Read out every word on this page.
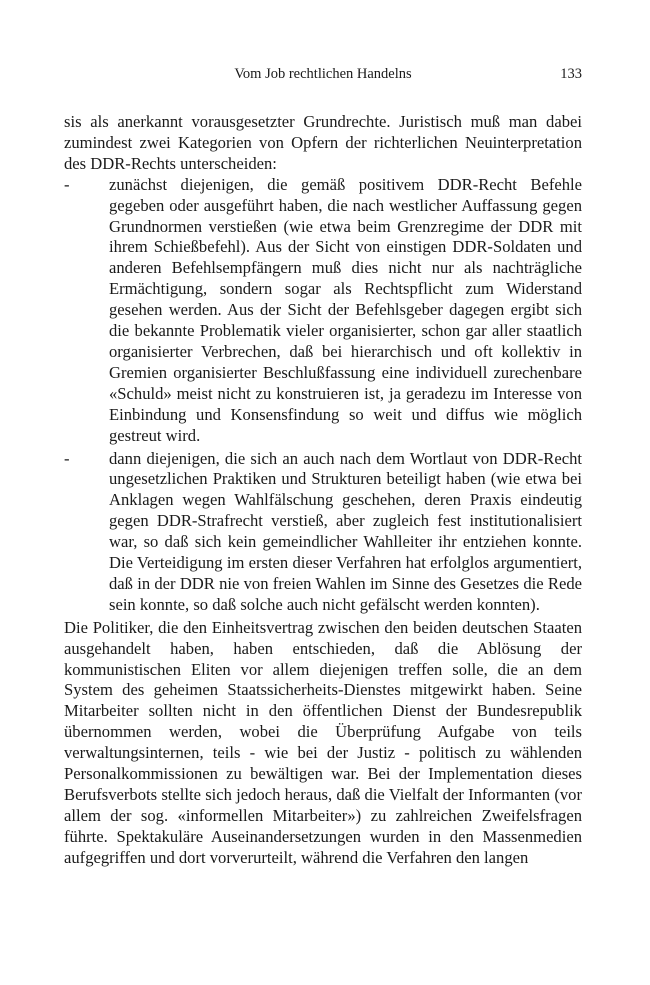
Vom Job rechtlichen Handelns	133

sis als anerkannt vorausgesetzter Grundrechte. Juristisch muß man dabei zumindest zwei Kategorien von Opfern der richterlichen Neuinterpretation des DDR-Rechts unterscheiden:

- zunächst diejenigen, die gemäß positivem DDR-Recht Befehle gegeben oder ausgeführt haben, die nach westlicher Auffassung gegen Grundnormen verstießen (wie etwa beim Grenzregime der DDR mit ihrem Schießbefehl). Aus der Sicht von einstigen DDR-Soldaten und anderen Befehlsempfängern muß dies nicht nur als nachträgliche Ermächtigung, sondern sogar als Rechtspflicht zum Widerstand gesehen werden. Aus der Sicht der Befehlsgeber dagegen ergibt sich die bekannte Problematik vieler organisierter, schon gar aller staatlich organisierter Verbrechen, daß bei hierarchisch und oft kollektiv in Gremien organisierter Beschlußfassung eine individuell zurechenbare «Schuld» meist nicht zu konstruieren ist, ja geradezu im Interesse von Einbindung und Konsensfindung so weit und diffus wie möglich gestreut wird.

- dann diejenigen, die sich an auch nach dem Wortlaut von DDR-Recht ungesetzlichen Praktiken und Strukturen beteiligt haben (wie etwa bei Anklagen wegen Wahlfälschung geschehen, deren Praxis eindeutig gegen DDR-Strafrecht verstieß, aber zugleich fest institutionalisiert war, so daß sich kein gemeindlicher Wahlleiter ihr entziehen konnte. Die Verteidigung im ersten dieser Verfahren hat erfolglos argumentiert, daß in der DDR nie von freien Wahlen im Sinne des Gesetzes die Rede sein konnte, so daß solche auch nicht gefälscht werden konnten).

Die Politiker, die den Einheitsvertrag zwischen den beiden deutschen Staaten ausgehandelt haben, haben entschieden, daß die Ablösung der kommunistischen Eliten vor allem diejenigen treffen solle, die an dem System des geheimen Staatssicherheits-Dienstes mitgewirkt haben. Seine Mitarbeiter sollten nicht in den öffentlichen Dienst der Bundesrepublik übernommen werden, wobei die Überprüfung Aufgabe von teils verwaltungsinternen, teils - wie bei der Justiz - politisch zu wählenden Personalkommissionen zu bewältigen war. Bei der Implementation dieses Berufsverbots stellte sich jedoch heraus, daß die Vielfalt der Informanten (vor allem der sog. «informellen Mitarbeiter») zu zahlreichen Zweifelsfragen führte. Spektakuläre Auseinandersetzungen wurden in den Massenmedien aufgegriffen und dort vorverurteilt, während die Verfahren den langen
